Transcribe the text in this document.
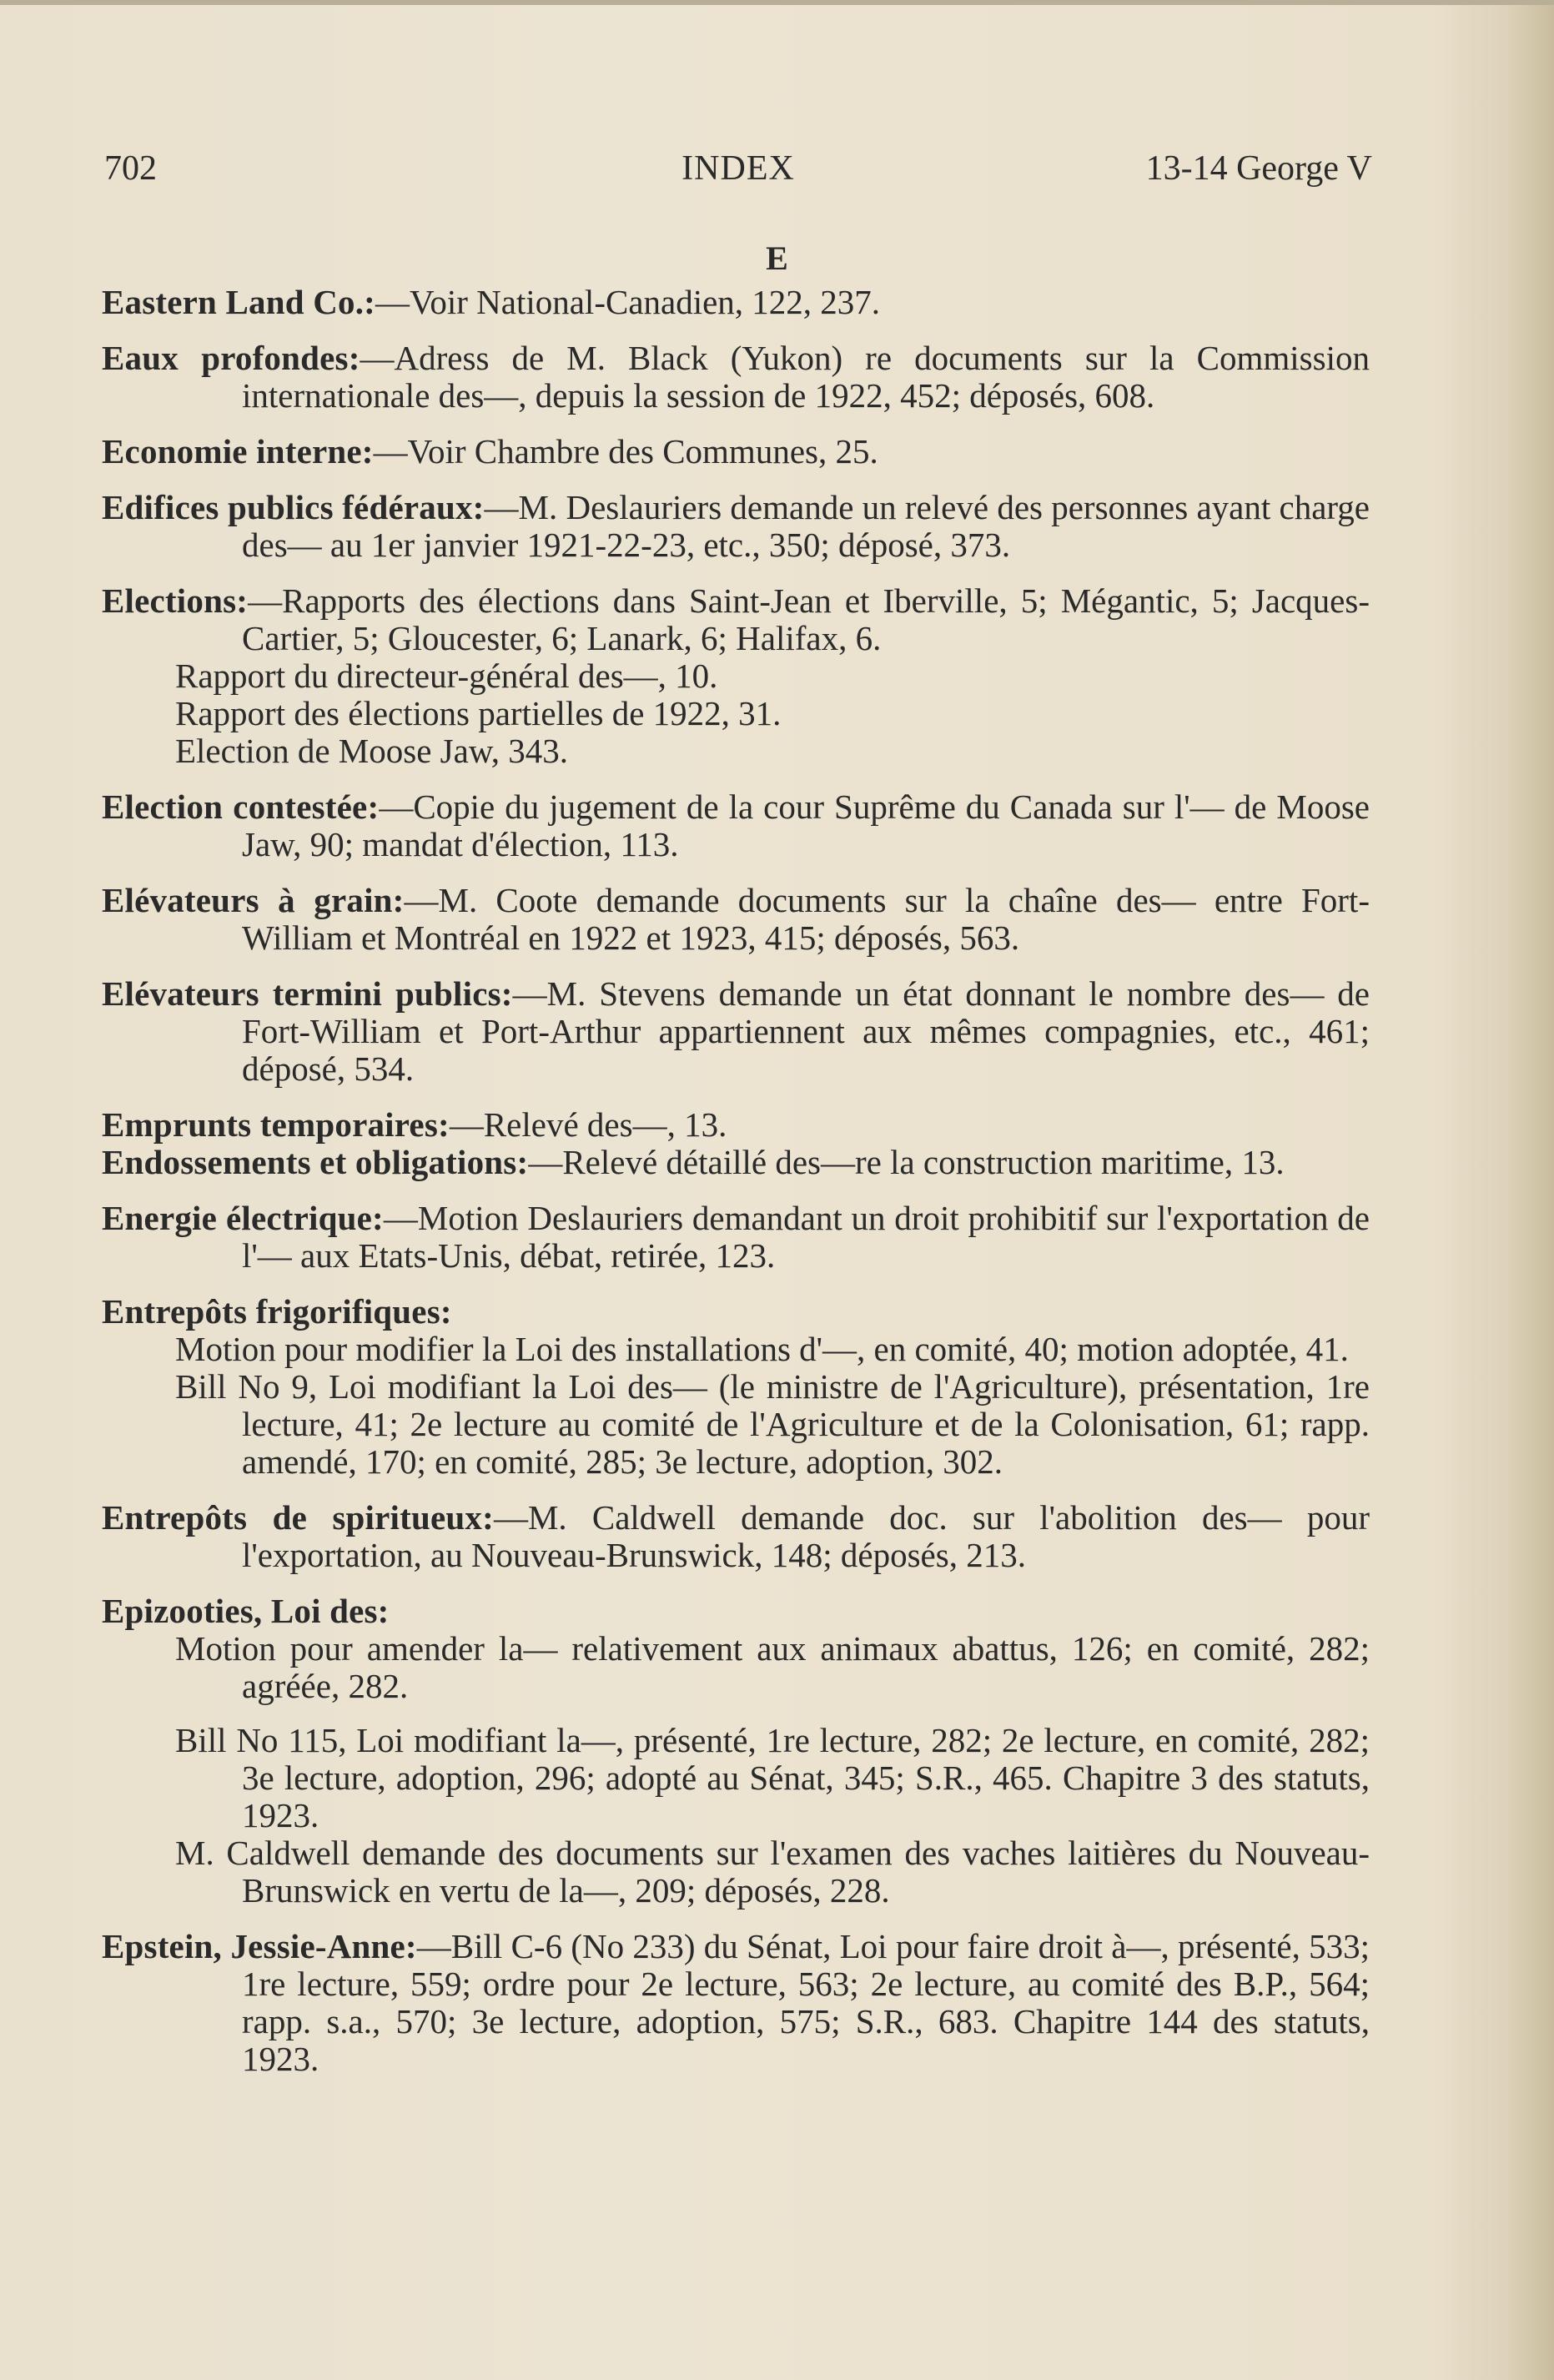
702	INDEX	13-14 George V
E
Eastern Land Co.:—Voir National-Canadien, 122, 237.
Eaux profondes:—Adress de M. Black (Yukon) re documents sur la Commission internationale des—, depuis la session de 1922, 452; déposés, 608.
Economie interne:—Voir Chambre des Communes, 25.
Edifices publics fédéraux:—M. Deslauriers demande un relevé des personnes ayant charge des— au 1er janvier 1921-22-23, etc., 350; déposé, 373.
Elections:—Rapports des élections dans Saint-Jean et Iberville, 5; Mégantic, 5; Jacques-Cartier, 5; Gloucester, 6; Lanark, 6; Halifax, 6.
Rapport du directeur-général des—, 10.
Rapport des élections partielles de 1922, 31.
Election de Moose Jaw, 343.
Election contestée:—Copie du jugement de la cour Suprême du Canada sur l'— de Moose Jaw, 90; mandat d'élection, 113.
Elévateurs à grain:—M. Coote demande documents sur la chaîne des— entre Fort-William et Montréal en 1922 et 1923, 415; déposés, 563.
Elévateurs termini publics:—M. Stevens demande un état donnant le nombre des— de Fort-William et Port-Arthur appartiennent aux mêmes compagnies, etc., 461; déposé, 534.
Emprunts temporaires:—Relevé des—, 13.
Endossements et obligations:—Relevé détaillé des—re la construction maritime, 13.
Energie électrique:—Motion Deslauriers demandant un droit prohibitif sur l'exportation de l'— aux Etats-Unis, débat, retirée, 123.
Entrepôts frigorifiques:
Motion pour modifier la Loi des installations d'—, en comité, 40; motion adoptée, 41.
Bill No 9, Loi modifiant la Loi des— (le ministre de l'Agriculture), présentation, 1re lecture, 41; 2e lecture au comité de l'Agriculture et de la Colonisation, 61; rapp. amendé, 170; en comité, 285; 3e lecture, adoption, 302.
Entrepôts de spiritueux:—M. Caldwell demande doc. sur l'abolition des— pour l'exportation, au Nouveau-Brunswick, 148; déposés, 213.
Epizooties, Loi des:
Motion pour amender la— relativement aux animaux abattus, 126; en comité, 282; agréée, 282.
Bill No 115, Loi modifiant la—, présenté, 1re lecture, 282; 2e lecture, en comité, 282; 3e lecture, adoption, 296; adopté au Sénat, 345; S.R., 465. Chapitre 3 des statuts, 1923.
M. Caldwell demande des documents sur l'examen des vaches laitières du Nouveau-Brunswick en vertu de la—, 209; déposés, 228.
Epstein, Jessie-Anne:—Bill C-6 (No 233) du Sénat, Loi pour faire droit à—, présenté, 533; 1re lecture, 559; ordre pour 2e lecture, 563; 2e lecture, au comité des B.P., 564; rapp. s.a., 570; 3e lecture, adoption, 575; S.R., 683. Chapitre 144 des statuts, 1923.
